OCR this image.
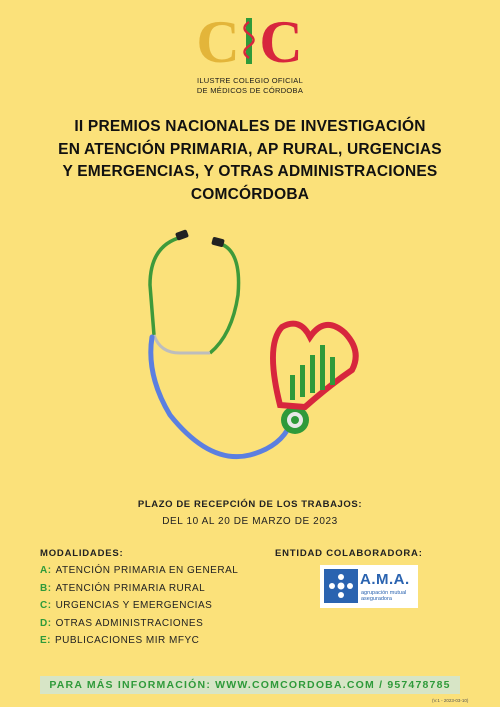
C C
ILUSTRE COLEGIO OFICIAL
DE MÉDICOS DE CÓRDOBA
II PREMIOS NACIONALES DE INVESTIGACIÓN
EN ATENCIÓN PRIMARIA, AP RURAL, URGENCIAS
Y EMERGENCIAS, Y OTRAS ADMINISTRACIONES
COMCÓRDOBA
PLAZO DE RECEPCIÓN DE LOS TRABAJOS:
DEL 10 AL 20 DE MARZO DE 2023
MODALIDADES:
A: ATENCIÓN PRIMARIA EN GENERAL
B: ATENCIÓN PRIMARIA RURAL
C: URGENCIAS Y EMERGENCIAS
D: OTRAS ADMINISTRACIONES
E: PUBLICACIONES MIR MFYC
ENTIDAD COLABORADORA:
A.M.A.
agrupación mutual
aseguradora
PARA MÁS INFORMACIÓN: WWW.COMCORDOBA.COM / 957478785
(V.1 - 2023-03-10)
